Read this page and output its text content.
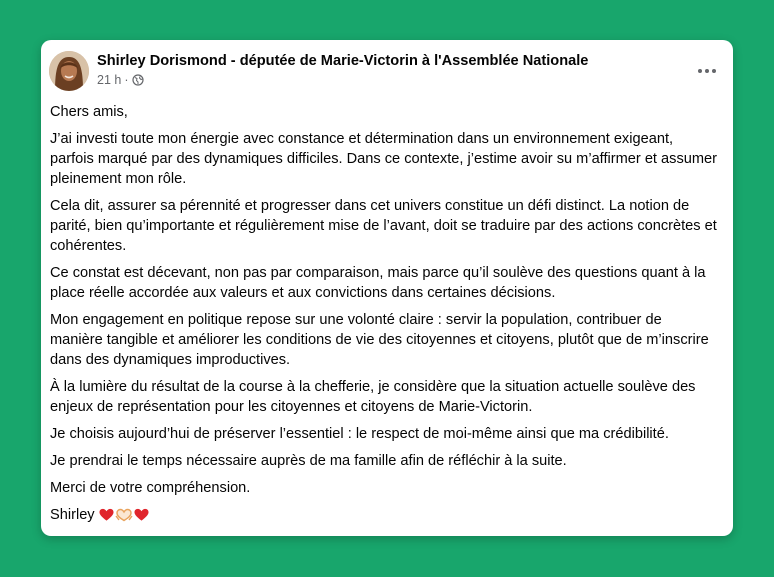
Shirley Dorismond - députée de Marie-Victorin à l'Assemblée Nationale
21 h ·

Chers amis,

J’ai investi toute mon énergie avec constance et détermination dans un environnement exigeant, parfois marqué par des dynamiques difficiles. Dans ce contexte, j’estime avoir su m’affirmer et assumer pleinement mon rôle.

Cela dit, assurer sa pérennité et progresser dans cet univers constitue un défi distinct. La notion de parité, bien qu’importante et régulièrement mise de l’avant, doit se traduire par des actions concrètes et cohérentes.

Ce constat est décevant, non pas par comparaison, mais parce qu’il soulève des questions quant à la place réelle accordée aux valeurs et aux convictions dans certaines décisions.

Mon engagement en politique repose sur une volonté claire : servir la population, contribuer de manière tangible et améliorer les conditions de vie des citoyennes et citoyens, plutôt que de m’inscrire dans des dynamiques improductives.

À la lumière du résultat de la course à la chefferie, je considère que la situation actuelle soulève des enjeux de représentation pour les citoyennes et citoyens de Marie-Victorin.

Je choisis aujourd’hui de préserver l’essentiel : le respect de moi-même ainsi que ma crédibilité.

Je prendrai le temps nécessaire auprès de ma famille afin de réfléchir à la suite.

Merci de votre compréhension.

Shirley
